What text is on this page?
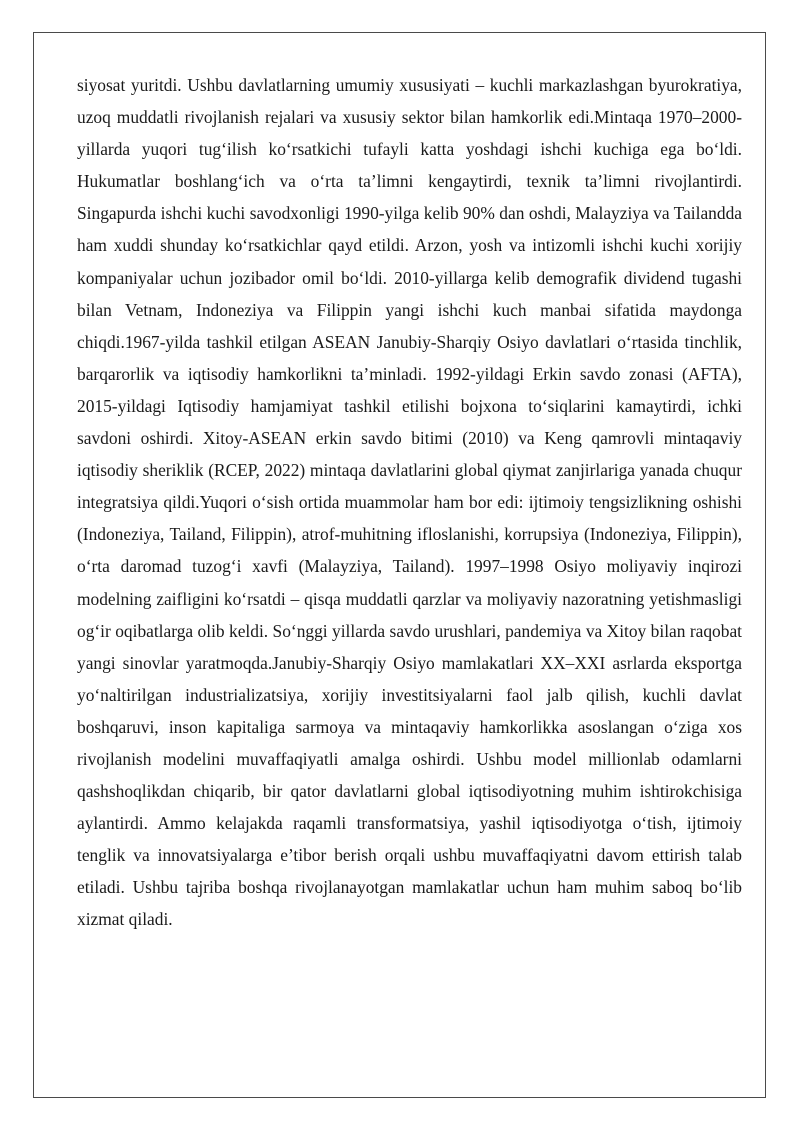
siyosat yuritdi. Ushbu davlatlarning umumiy xususiyati – kuchli markazlashgan byurokratiya, uzoq muddatli rivojlanish rejalari va xususiy sektor bilan hamkorlik edi.Mintaqa 1970–2000-yillarda yuqori tug‘ilish ko‘rsatkichi tufayli katta yoshdagi ishchi kuchiga ega bo‘ldi. Hukumatlar boshlang‘ich va o‘rta ta’limni kengaytirdi, texnik ta’limni rivojlantirdi. Singapurda ishchi kuchi savodxonligi 1990-yilga kelib 90% dan oshdi, Malayziya va Tailandda ham xuddi shunday ko‘rsatkichlar qayd etildi. Arzon, yosh va intizomli ishchi kuchi xorijiy kompaniyalar uchun jozibador omil bo‘ldi. 2010-yillarga kelib demografik dividend tugashi bilan Vetnam, Indoneziya va Filippin yangi ishchi kuch manbai sifatida maydonga chiqdi.1967-yilda tashkil etilgan ASEAN Janubiy-Sharqiy Osiyo davlatlari o‘rtasida tinchlik, barqarorlik va iqtisodiy hamkorlikni ta’minladi. 1992-yildagi Erkin savdo zonasi (AFTA), 2015-yildagi Iqtisodiy hamjamiyat tashkil etilishi bojxona to‘siqlarini kamaytirdi, ichki savdoni oshirdi. Xitoy-ASEAN erkin savdo bitimi (2010) va Keng qamrovli mintaqaviy iqtisodiy sheriklik (RCEP, 2022) mintaqa davlatlarini global qiymat zanjirlariga yanada chuqur integratsiya qildi.Yuqori o‘sish ortida muammolar ham bor edi: ijtimoiy tengsizlikning oshishi (Indoneziya, Tailand, Filippin), atrof-muhitning ifloslanishi, korrupsiya (Indoneziya, Filippin), o‘rta daromad tuzog‘i xavfi (Malayziya, Tailand). 1997–1998 Osiyo moliyaviy inqirozi modelning zaifligini ko‘rsatdi – qisqa muddatli qarzlar va moliyaviy nazoratning yetishmasligi og‘ir oqibatlarga olib keldi. So‘nggi yillarda savdo urushlari, pandemiya va Xitoy bilan raqobat yangi sinovlar yaratmoqda.Janubiy-Sharqiy Osiyo mamlakatlari XX–XXI asrlarda eksportga yo‘naltirilgan industrializatsiya, xorijiy investitsiyalarni faol jalb qilish, kuchli davlat boshqaruvi, inson kapitaliga sarmoya va mintaqaviy hamkorlikka asoslangan o‘ziga xos rivojlanish modelini muvaffaqiyatli amalga oshirdi. Ushbu model millionlab odamlarni qashshoqlikdan chiqarib, bir qator davlatlarni global iqtisodiyotning muhim ishtirokchisiga aylantirdi. Ammo kelajakda raqamli transformatsiya, yashil iqtisodiyotga o‘tish, ijtimoiy tenglik va innovatsiyalarga e’tibor berish orqali ushbu muvaffaqiyatni davom ettirish talab etiladi. Ushbu tajriba boshqa rivojlanayotgan mamlakatlar uchun ham muhim saboq bo‘lib xizmat qiladi.
